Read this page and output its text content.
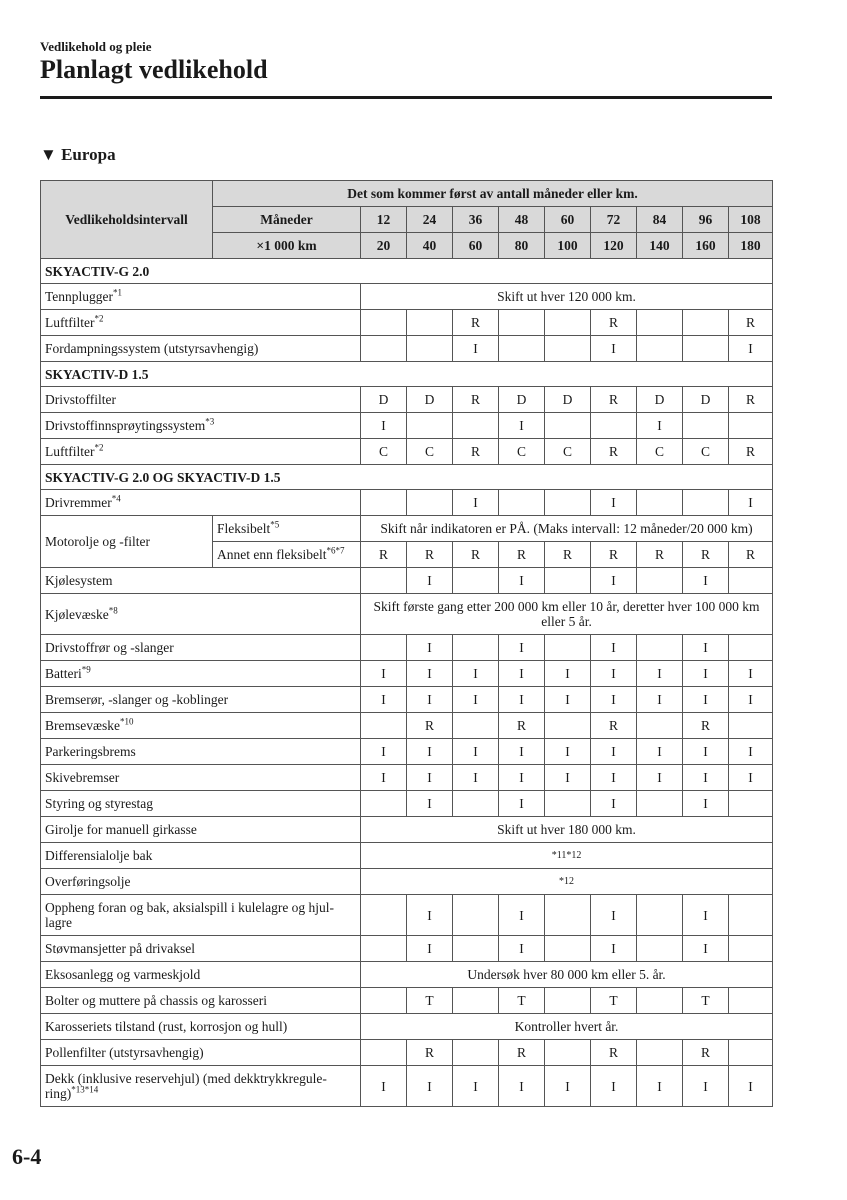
Vedlikehold og pleie
Planlagt vedlikehold
▼ Europa
Vedlikeholdsintervall	Det som kommer først av antall måneder eller km.									
	Måneder	12	24	36	48	60	72	84	96	108
	×1 000 km	20	40	60	80	100	120	140	160	180
SKYACTIV-G 2.0										
Tennplugger$^{*1}$		Skift ut hver 120 000 km.								
Luftfilter$^{*2}$				R			R			R
Fordampningssystem (utstyrsavhengig)				I			I			I
SKYACTIV-D 1.5										
Drivstoffilter		D	D	R	D	D	R	D	D	R
Drivstoffinnsprøytingssystem$^{*3}$		I			I			I		
Luftfilter$^{*2}$		C	C	R	C	C	R	C	C	R
SKYACTIV-G 2.0 OG SKYACTIV-D 1.5										
Drivremmer$^{*4}$				I			I			I
Motorolje og -filter	Fleksibelt$^{*5}$	Skift når indikatoren er PÅ. (Maks intervall: 12 måneder/20 000 km)								
	Annet enn fleksibelt$^{*6*7}$	R	R	R	R	R	R	R	R	R
Kjølesystem			I		I		I		I	
Kjølevæske$^{*8}$		Skift første gang etter 200 000 km eller 10 år, deretter hver 100 000 km eller 5 år.								
Drivstoffrør og -slanger			I		I		I		I	
Batteri$^{*9}$		I	I	I	I	I	I	I	I	I
Bremserør, -slanger og -koblinger		I	I	I	I	I	I	I	I	I
Bremsevæske$^{*10}$			R		R		R		R	
Parkeringsbrems		I	I	I	I	I	I	I	I	I
Skivebremser		I	I	I	I	I	I	I	I	I
Styring og styrestag			I		I		I		I	
Girolje for manuell girkasse		Skift ut hver 180 000 km.								
Differensialolje bak		*11*12								
Overføringsolje		*12								
Oppheng foran og bak, aksialspill i kulelagre og hjul-lagre			I		I		I		I	
Støvmansjetter på drivaksel			I		I		I		I	
Eksosanlegg og varmeskjold		Undersøk hver 80 000 km eller 5. år.								
Bolter og muttere på chassis og karosseri			T		T		T		T	
Karosseriets tilstand (rust, korrosjon og hull)		Kontroller hvert år.								
Pollenfilter (utstyrsavhengig)			R		R		R		R	
Dekk (inklusive reservehjul) (med dekktrykkregule-ring)$^{*13*14}$		I	I	I	I	I	I	I	I	I
6-4
